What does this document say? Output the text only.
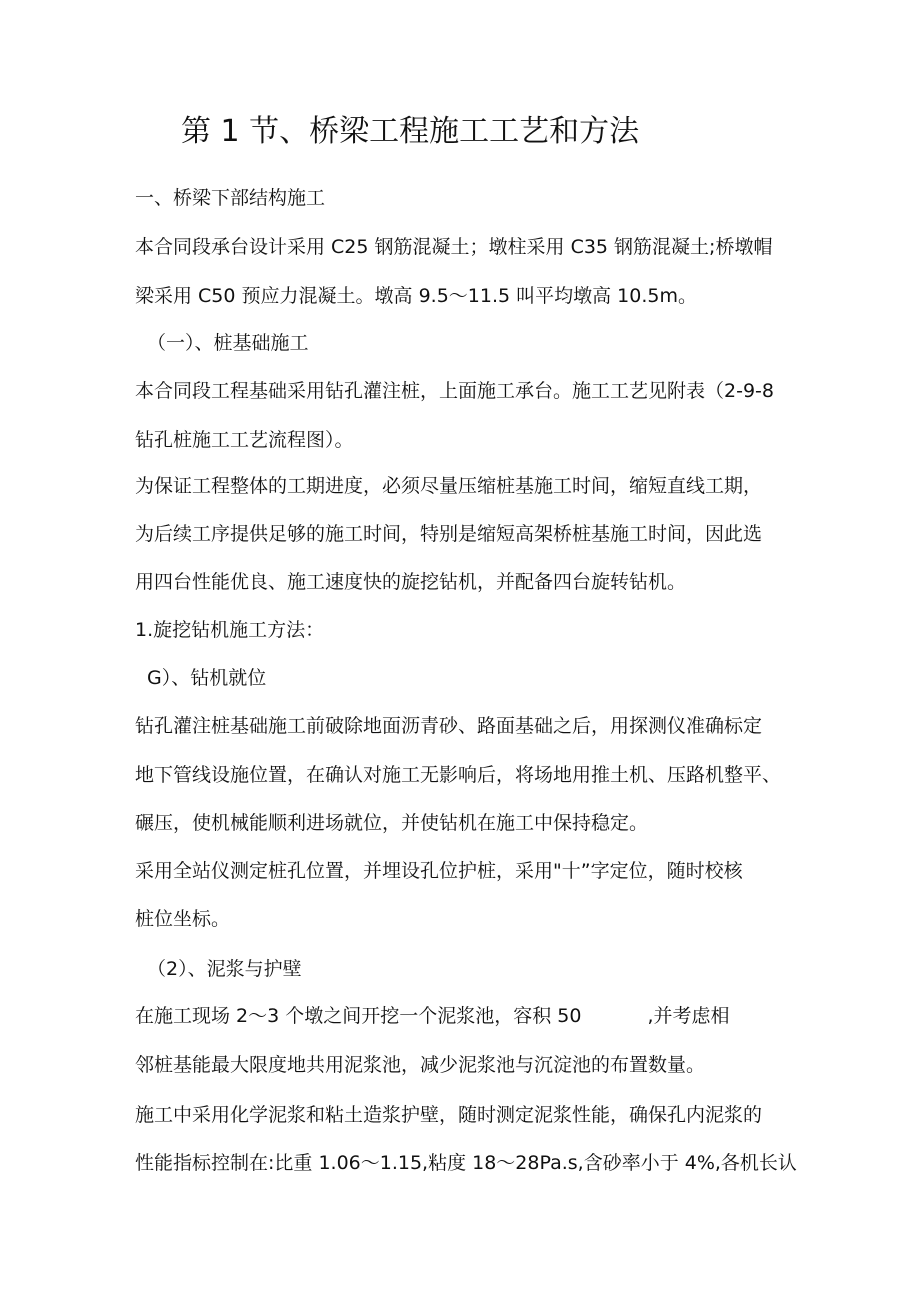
第 1 节、桥梁工程施工工艺和方法
一、桥梁下部结构施工
本合同段承台设计采用 C25 钢筋混凝土；墩柱采用 C35 钢筋混凝土;桥墩帽
梁采用 C50 预应力混凝土。墩高 9.5〜11.5 叫平均墩高 10.5m。
（一）、桩基础施工
本合同段工程基础采用钻孔灌注桩，上面施工承台。施工工艺见附表（2-9-8
钻孔桩施工工艺流程图）。
为保证工程整体的工期进度，必须尽量压缩桩基施工时间，缩短直线工期，
为后续工序提供足够的施工时间，特别是缩短高架桥桩基施工时间，因此选
用四台性能优良、施工速度快的旋挖钻机，并配备四台旋转钻机。
1.旋挖钻机施工方法：
G）、钻机就位
钻孔灌注桩基础施工前破除地面沥青砂、路面基础之后，用探测仪准确标定
地下管线设施位置，在确认对施工无影响后，将场地用推土机、压路机整平、
碾压，使机械能顺利进场就位，并使钻机在施工中保持稳定。
采用全站仪测定桩孔位置，并埋设孔位护桩，采用"十”字定位，随时校核
桩位坐标。
（2）、泥浆与护壁
在施工现场 2〜3 个墩之间开挖一个泥浆池，容积 50	,并考虑相
邻桩基能最大限度地共用泥浆池，减少泥浆池与沉淀池的布置数量。
施工中采用化学泥浆和粘土造浆护壁，随时测定泥浆性能，确保孔内泥浆的
性能指标控制在:比重 1.06〜1.15,粘度 18〜28Pa.s,含砂率小于 4%,各机长认
